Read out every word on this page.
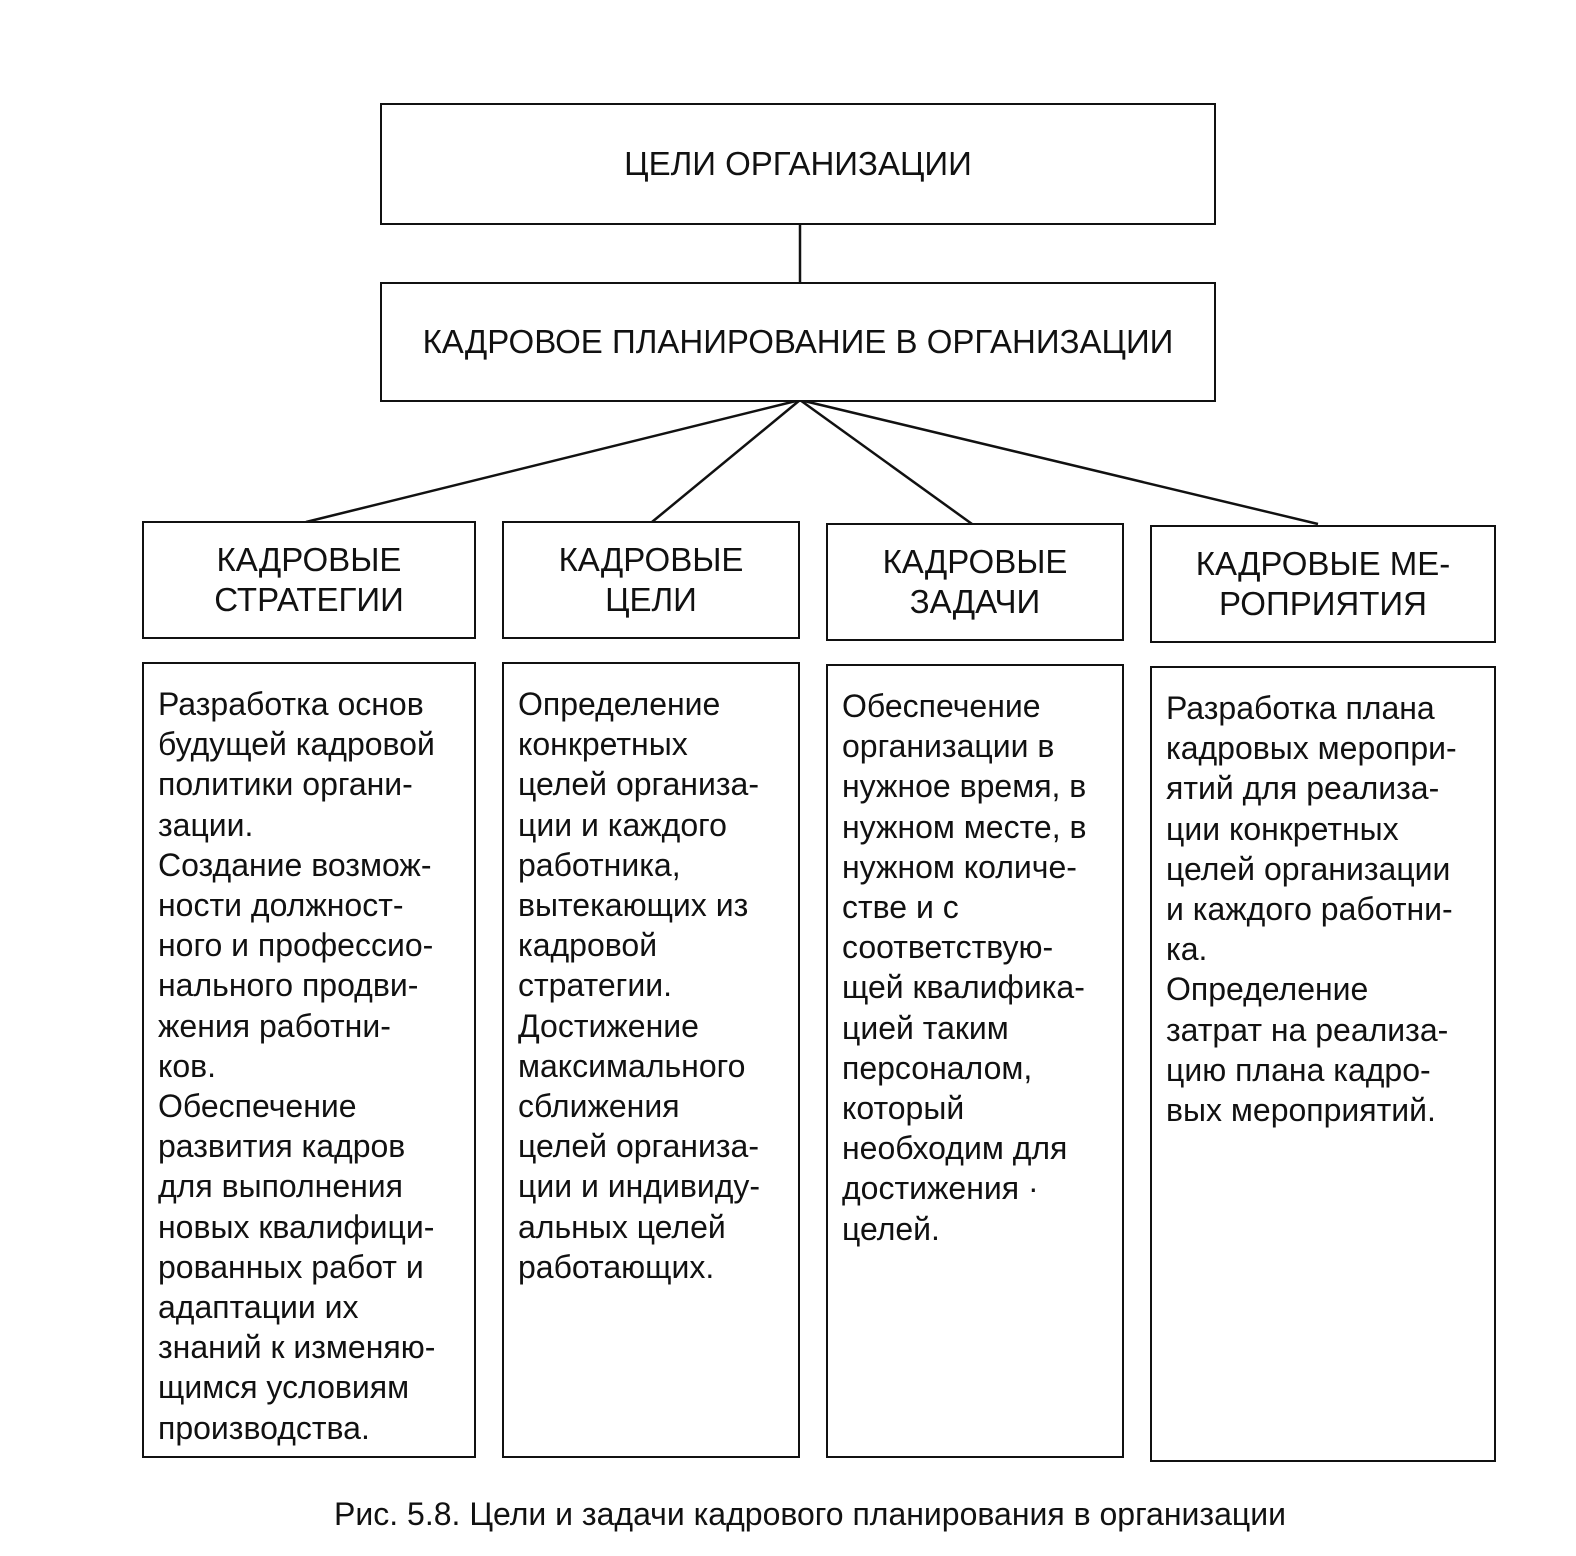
ЦЕЛИ ОРГАНИЗАЦИИ
КАДРОВОЕ ПЛАНИРОВАНИЕ В ОРГАНИЗАЦИИ
КАДРОВЫЕ
СТРАТЕГИИ
Разработка основ
будущей кадровой
политики органи-
зации.
Создание возмож-
ности должност-
ного и профессио-
нального продви-
жения работни-
ков.
Обеспечение
развития кадров
для выполнения
новых квалифици-
рованных работ и
адаптации их
знаний к изменяю-
щимся условиям
производства.
КАДРОВЫЕ
ЦЕЛИ
Определение
конкретных
целей организа-
ции и каждого
работника,
вытекающих из
кадровой
стратегии.
Достижение
максимального
сближения
целей организа-
ции и индивиду-
альных целей
работающих.
КАДРОВЫЕ
ЗАДАЧИ
Обеспечение
организации в
нужное время, в
нужном месте, в
нужном количе-
стве и с
соответствую-
щей квалифика-
цией таким
персоналом,
который
необходим для
достижения ·
целей.
КАДРОВЫЕ МЕ-
РОПРИЯТИЯ
Разработка плана
кадровых меропри-
ятий для реализа-
ции конкретных
целей организации
и каждого работни-
ка.
Определение
затрат на реализа-
цию плана кадро-
вых мероприятий.
Рис. 5.8. Цели и задачи кадрового планирования в организации
